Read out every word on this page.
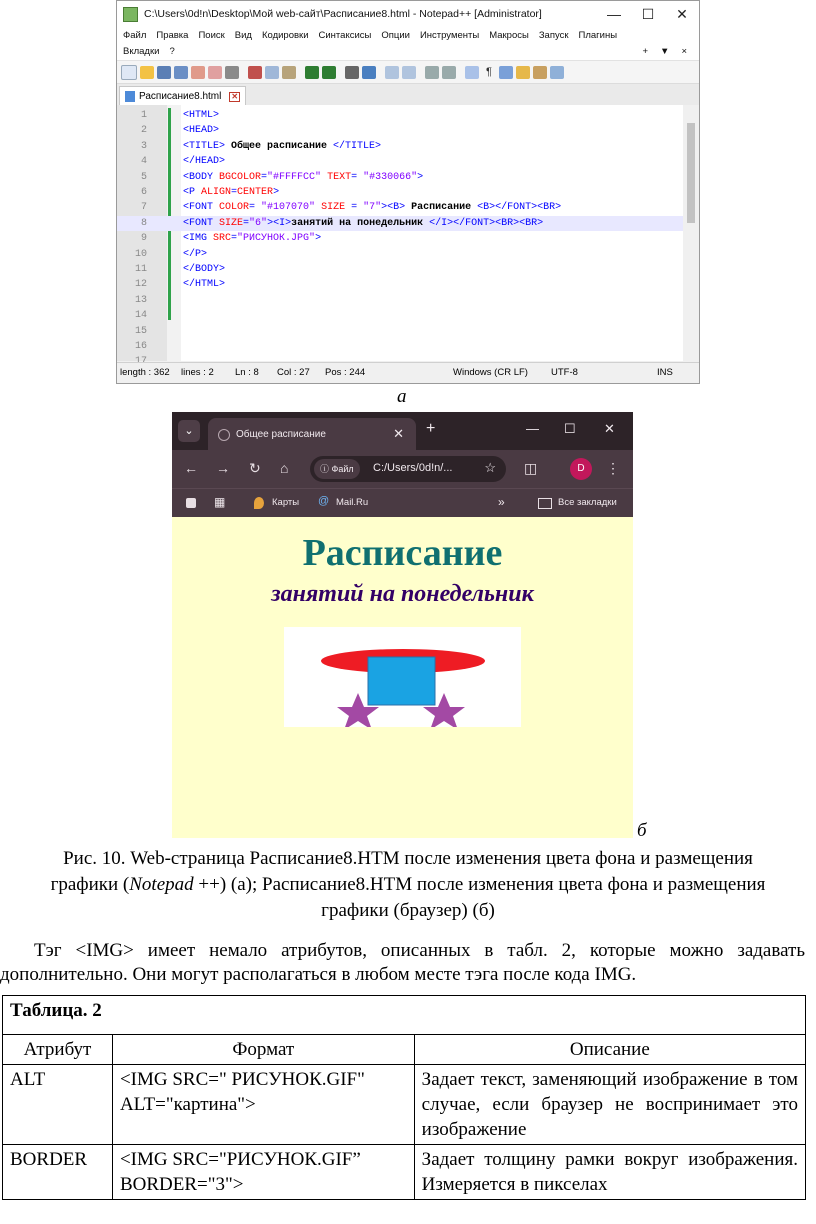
C:\Users\0d!n\Desktop\Мой web-сайт\Расписание8.html - Notepad++ [Administrator]	—	☐	✕
Файл Правка Поиск Вид Кодировки Синтаксисы Опции Инструменты Макросы Запуск Плагины
Вкладки ?	+ ▼ ×
¶
Расписание8.html ✕
1	<HTML>
2	<HEAD>
3	<TITLE> Общее расписание </TITLE>
4	</HEAD>
5	<BODY BGCOLOR="#FFFFCC" TEXT= "#330066">
6	<P ALIGN=CENTER>
7	<FONT COLOR= "#107070" SIZE = "7"><B> Расписание <B></FONT><BR>
8	<FONT SIZE="6"><I>занятий на понедельник </I></FONT><BR><BR>
9	<IMG SRC="РИСУНОК.JPG">
10	</P>
11	</BODY>
12	</HTML>
13
14
15
16
length : 362 lines : 2 Ln : 8 Col : 27 Pos : 244	Windows (CR LF) UTF-8	INS
а
⌄	Общее расписание	✕ +	— ☐ ✕
← → ↻ ⌂	ⓘ Файл	C:/Users/0d!n/... ☆ ◫	D	⋮
▦	Карты @ Mail.Ru	»	Все закладки
Расписание
занятий на понедельник
б
Рис. 10. Web-страница Расписание8.HTM после изменения цвета фона и размещения
графики (Notepad ++) (а); Расписание8.HTM после изменения цвета фона и размещения
графики (браузер) (б)
Тэг <IMG> имеет немало атрибутов, описанных в табл. 2, которые можно задавать
дополнительно. Они могут располагаться в любом месте тэга после кода IMG.
Таблица. 2		
Атрибут	Формат	Описание
ALT	<IMG SRC=" РИСУНОК.GIF" ALT="картина">	Задает текст, заменяющий изображение в том случае, если браузер не воспринимает это изображение
BORDER	<IMG SRC="РИСУНОК.GIF” BORDER="3">	Задает толщину рамки вокруг изображения. Измеряется в пикселах
